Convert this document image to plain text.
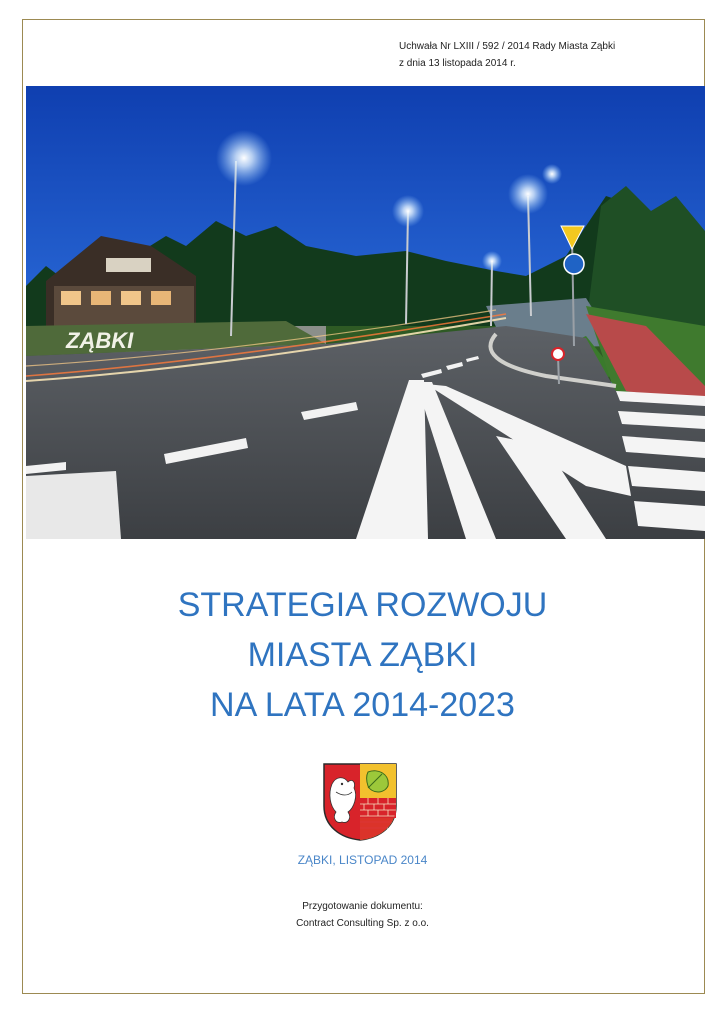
Uchwała Nr LXIII / 592 / 2014 Rady Miasta Ząbki
z dnia 13 listopada 2014 r.
ZĄBKI
STRATEGIA ROZWOJU
MIASTA ZĄBKI
NA LATA 2014-2023
ZĄBKI, LISTOPAD 2014
Przygotowanie dokumentu:
Contract Consulting Sp. z o.o.
